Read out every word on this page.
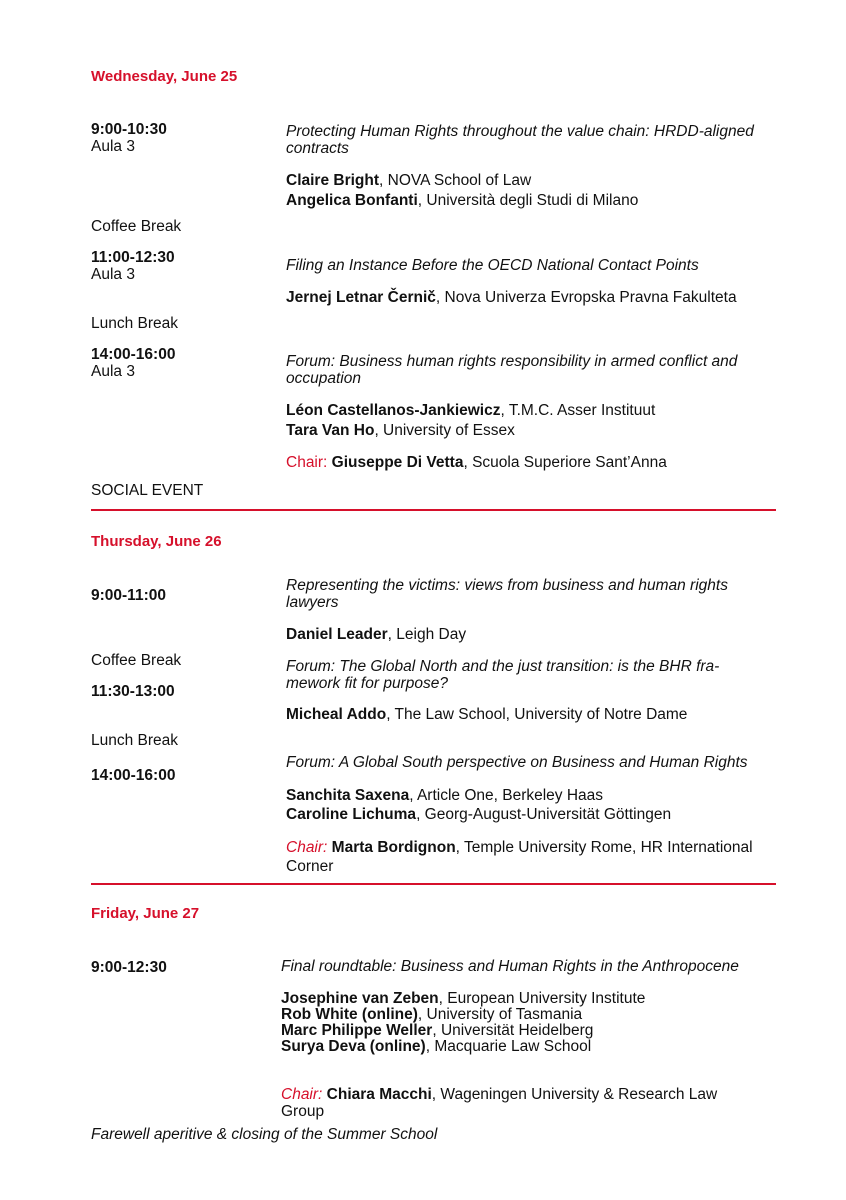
Wednesday, June 25
9:00-10:30
Aula 3
Protecting Human Rights throughout the value chain: HRDD-aligned
contracts
Claire Bright, NOVA School of Law
Angelica Bonfanti, Università degli Studi di Milano
Coffee Break
11:00-12:30
Aula 3
Filing an Instance Before the OECD National Contact Points
Jernej Letnar Černič, Nova Univerza Evropska Pravna Fakulteta
Lunch Break
14:00-16:00
Aula 3
Forum: Business human rights responsibility in armed conflict and
occupation
Léon Castellanos-Jankiewicz, T.M.C. Asser Instituut
Tara Van Ho, University of Essex
Chair: Giuseppe Di Vetta, Scuola Superiore Sant’Anna
SOCIAL EVENT
Thursday, June 26
9:00-11:00
Representing the victims: views from business and human rights
lawyers
Daniel Leader, Leigh Day
Coffee Break	Forum: The Global North and the just transition: is the BHR fra-
mework fit for purpose?
11:30-13:00
Micheal Addo, The Law School, University of Notre Dame
Lunch Break
Forum: A Global South perspective on Business and Human Rights
14:00-16:00
Sanchita Saxena, Article One, Berkeley Haas
Caroline Lichuma, Georg-August-Universität Göttingen
Chair: Marta Bordignon, Temple University Rome, HR International
Corner
Friday, June 27
9:00-12:30	Final roundtable: Business and Human Rights in the Anthropocene
Josephine van Zeben, European University Institute
Rob White (online), University of Tasmania
Marc Philippe Weller, Universität Heidelberg
Surya Deva (online), Macquarie Law School
Chair: Chiara Macchi, Wageningen University & Research Law
Group
Farewell aperitive & closing of the Summer School
